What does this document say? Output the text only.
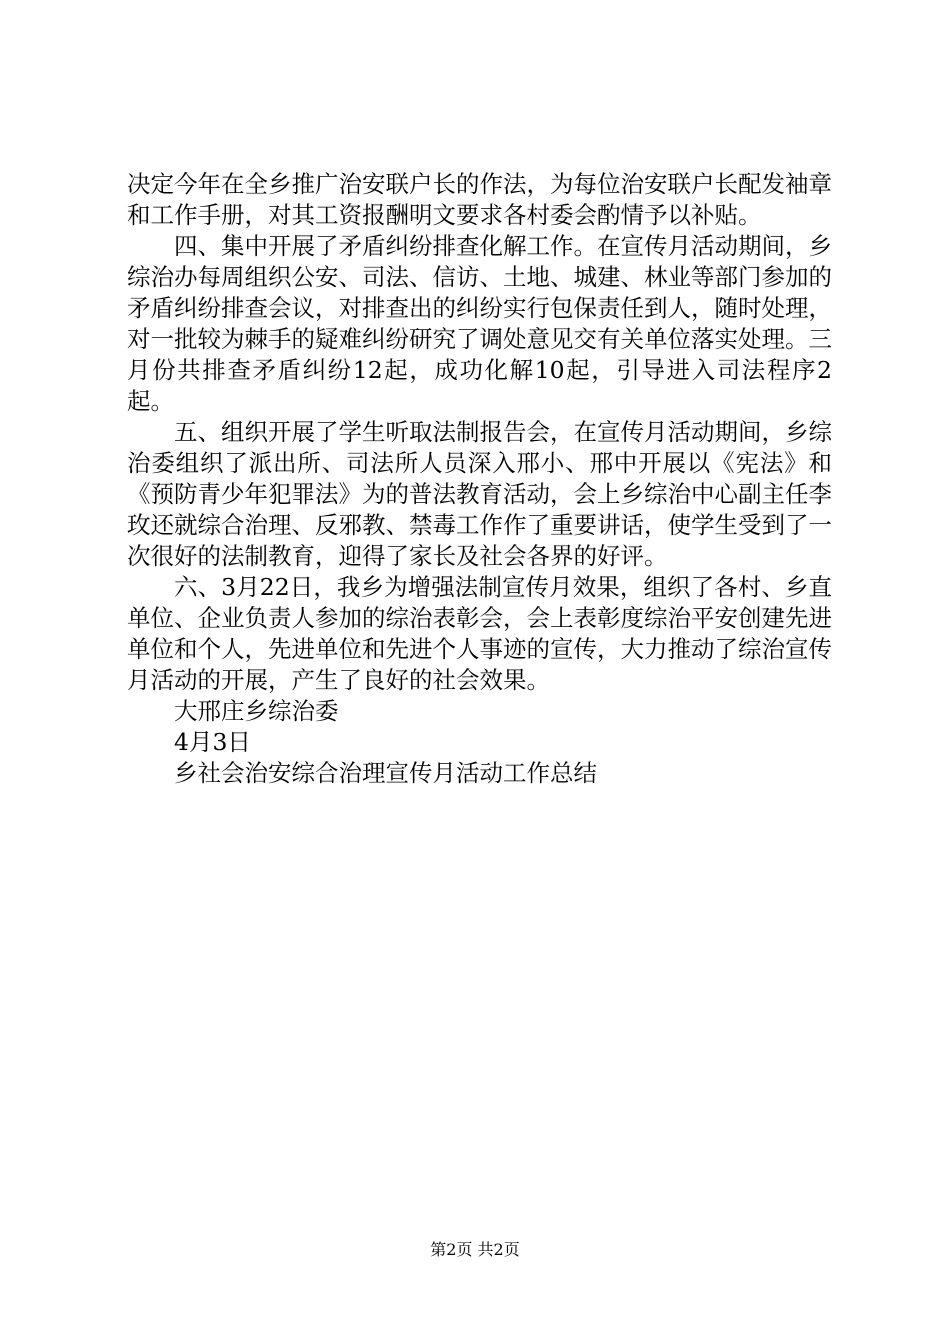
决定今年在全乡推广治安联户长的作法，为每位治安联户长配发袖章和工作手册，对其工资报酬明文要求各村委会酌情予以补贴。

四、集中开展了矛盾纠纷排查化解工作。在宣传月活动期间，乡综治办每周组织公安、司法、信访、土地、城建、林业等部门参加的矛盾纠纷排查会议，对排查出的纠纷实行包保责任到人，随时处理，对一批较为棘手的疑难纠纷研究了调处意见交有关单位落实处理。三月份共排查矛盾纠纷12起，成功化解10起，引导进入司法程序2起。

五、组织开展了学生听取法制报告会，在宣传月活动期间，乡综治委组织了派出所、司法所人员深入邢小、邢中开展以《宪法》和《预防青少年犯罪法》为的普法教育活动，会上乡综治中心副主任李玫还就综合治理、反邪教、禁毒工作作了重要讲话，使学生受到了一次很好的法制教育，迎得了家长及社会各界的好评。

六、3月22日，我乡为增强法制宣传月效果，组织了各村、乡直单位、企业负责人参加的综治表彰会，会上表彰度综治平安创建先进单位和个人，先进单位和先进个人事迹的宣传，大力推动了综治宣传月活动的开展，产生了良好的社会效果。

大邢庄乡综治委

4月3日

乡社会治安综合治理宣传月活动工作总结

第2页 共2页
